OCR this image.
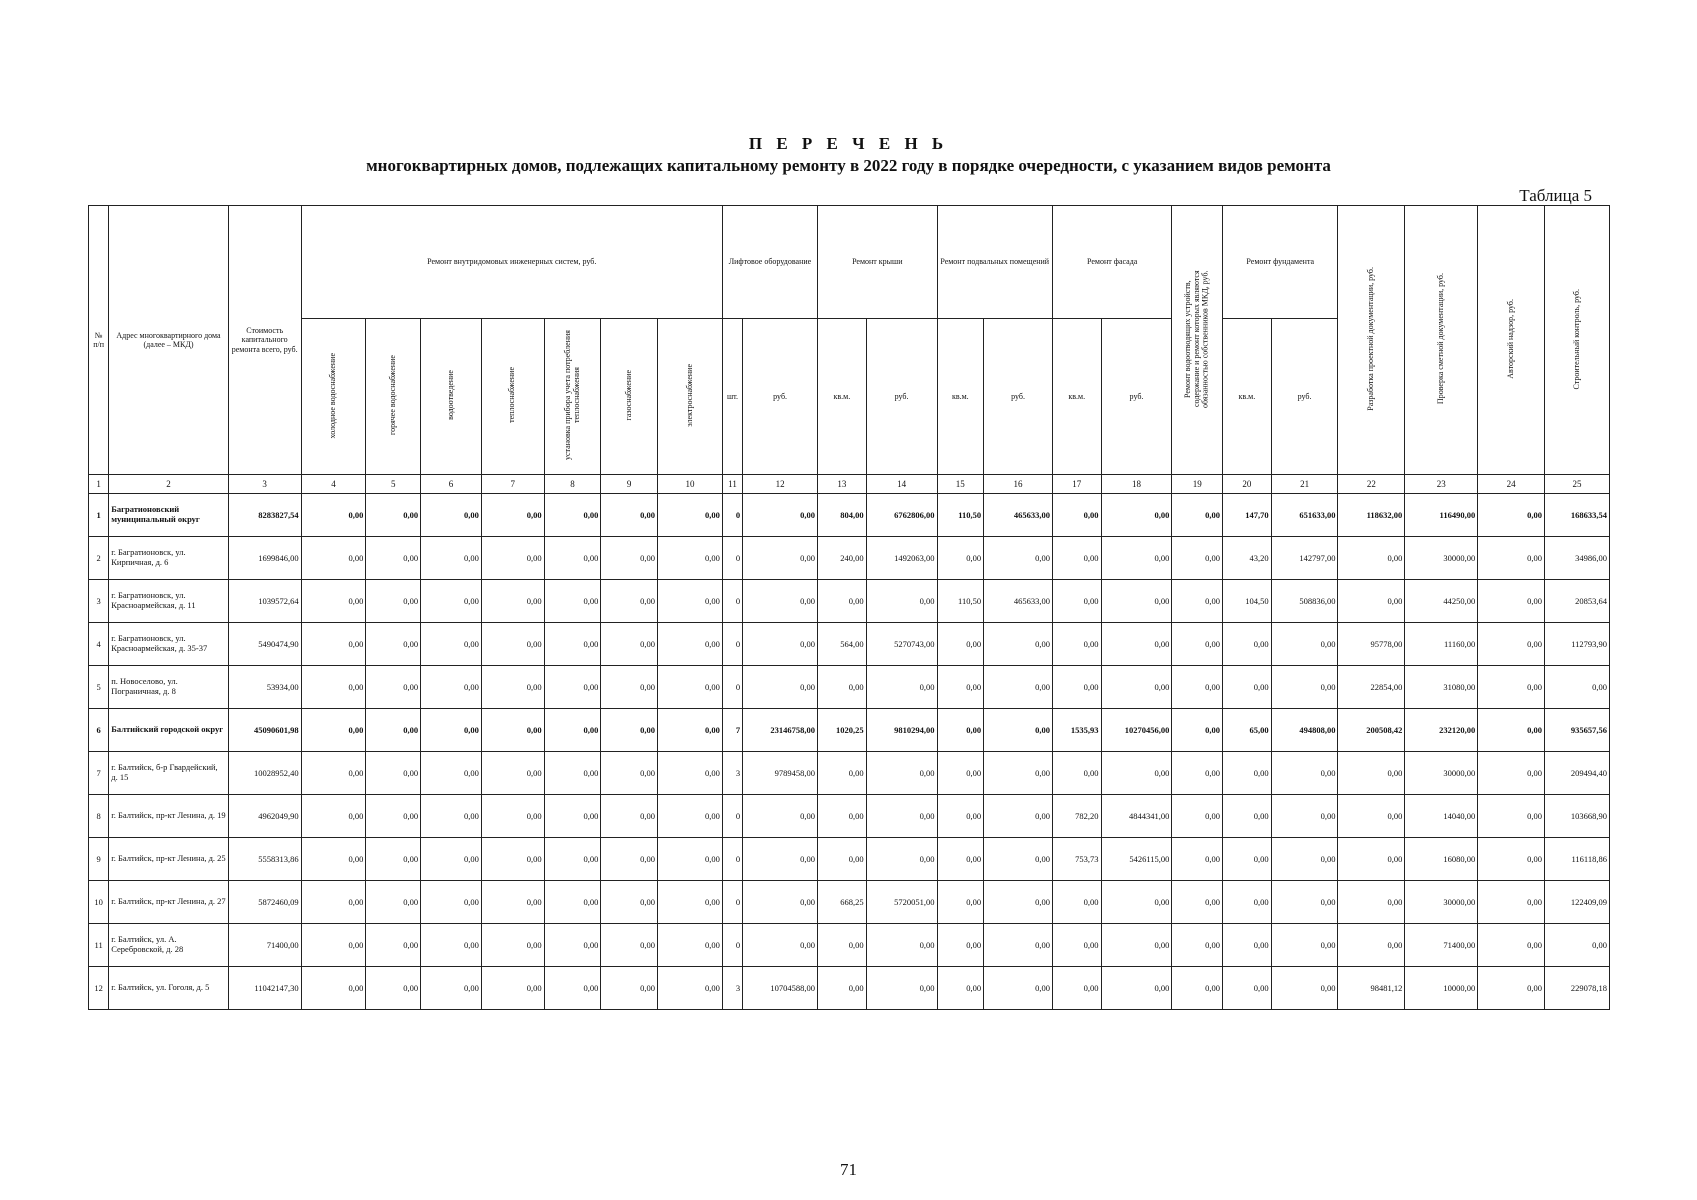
П Е Р Е Ч Е Н Ь
многоквартирных домов, подлежащих капитальному ремонту в 2022 году в порядке очередности, с указанием видов ремонта
Таблица 5
№ п/п	Адрес многоквартирного дома (далее – МКД)	Стоимость капитального ремонта всего, руб.	Ремонт внутридомовых инженерных систем, руб.							Лифтовое оборудование		Ремонт крыши		Ремонт подвальных помещений		Ремонт фасада		Ремонт водоотводящих устройств, содержание и ремонт которых являются обязанностью собственников МКД, руб.	Ремонт фундамента		Разработка проектной документации, руб.	Проверка сметной документации, руб.	Авторский надзор, руб.	Строительный контроль, руб.
			холодное водоснабжение	горячее водоснабжение	водоотведение	теплоснабжение	установка прибора учета потребления теплоснабжения	газоснабжение	электроснабжение	шт.	руб.	кв.м.	руб.	кв.м.	руб.	кв.м.	руб.		кв.м.	руб.				
1	2	3	4	5	6	7	8	9	10	11	12	13	14	15	16	17	18	19	20	21	22	23	24	25
1	Багратионовский муниципальный округ	8283827,54	0,00	0,00	0,00	0,00	0,00	0,00	0,00	0	0,00	804,00	6762806,00	110,50	465633,00	0,00	0,00	0,00	147,70	651633,00	118632,00	116490,00	0,00	168633,54
2	г. Багратионовск, ул. Кирпичная, д. 6	1699846,00	0,00	0,00	0,00	0,00	0,00	0,00	0,00	0	0,00	240,00	1492063,00	0,00	0,00	0,00	0,00	0,00	43,20	142797,00	0,00	30000,00	0,00	34986,00
3	г. Багратионовск, ул. Красноармейская, д. 11	1039572,64	0,00	0,00	0,00	0,00	0,00	0,00	0,00	0	0,00	0,00	0,00	110,50	465633,00	0,00	0,00	0,00	104,50	508836,00	0,00	44250,00	0,00	20853,64
4	г. Багратионовск, ул. Красноармейская, д. 35-37	5490474,90	0,00	0,00	0,00	0,00	0,00	0,00	0,00	0	0,00	564,00	5270743,00	0,00	0,00	0,00	0,00	0,00	0,00	0,00	95778,00	11160,00	0,00	112793,90
5	п. Новоселово, ул. Пограничная, д. 8	53934,00	0,00	0,00	0,00	0,00	0,00	0,00	0,00	0	0,00	0,00	0,00	0,00	0,00	0,00	0,00	0,00	0,00	0,00	22854,00	31080,00	0,00	0,00
6	Балтийский городской округ	45090601,98	0,00	0,00	0,00	0,00	0,00	0,00	0,00	7	23146758,00	1020,25	9810294,00	0,00	0,00	1535,93	10270456,00	0,00	65,00	494808,00	200508,42	232120,00	0,00	935657,56
7	г. Балтийск, б-р Гвардейский, д. 15	10028952,40	0,00	0,00	0,00	0,00	0,00	0,00	0,00	3	9789458,00	0,00	0,00	0,00	0,00	0,00	0,00	0,00	0,00	0,00	0,00	30000,00	0,00	209494,40
8	г. Балтийск, пр-кт Ленина, д. 19	4962049,90	0,00	0,00	0,00	0,00	0,00	0,00	0,00	0	0,00	0,00	0,00	0,00	0,00	782,20	4844341,00	0,00	0,00	0,00	0,00	14040,00	0,00	103668,90
9	г. Балтийск, пр-кт Ленина, д. 25	5558313,86	0,00	0,00	0,00	0,00	0,00	0,00	0,00	0	0,00	0,00	0,00	0,00	0,00	753,73	5426115,00	0,00	0,00	0,00	0,00	16080,00	0,00	116118,86
10	г. Балтийск, пр-кт Ленина, д. 27	5872460,09	0,00	0,00	0,00	0,00	0,00	0,00	0,00	0	0,00	668,25	5720051,00	0,00	0,00	0,00	0,00	0,00	0,00	0,00	0,00	30000,00	0,00	122409,09
11	г. Балтийск, ул. А. Серебровской, д. 28	71400,00	0,00	0,00	0,00	0,00	0,00	0,00	0,00	0	0,00	0,00	0,00	0,00	0,00	0,00	0,00	0,00	0,00	0,00	0,00	71400,00	0,00	0,00
12	г. Балтийск, ул. Гоголя, д. 5	11042147,30	0,00	0,00	0,00	0,00	0,00	0,00	0,00	3	10704588,00	0,00	0,00	0,00	0,00	0,00	0,00	0,00	0,00	0,00	98481,12	10000,00	0,00	229078,18
71
